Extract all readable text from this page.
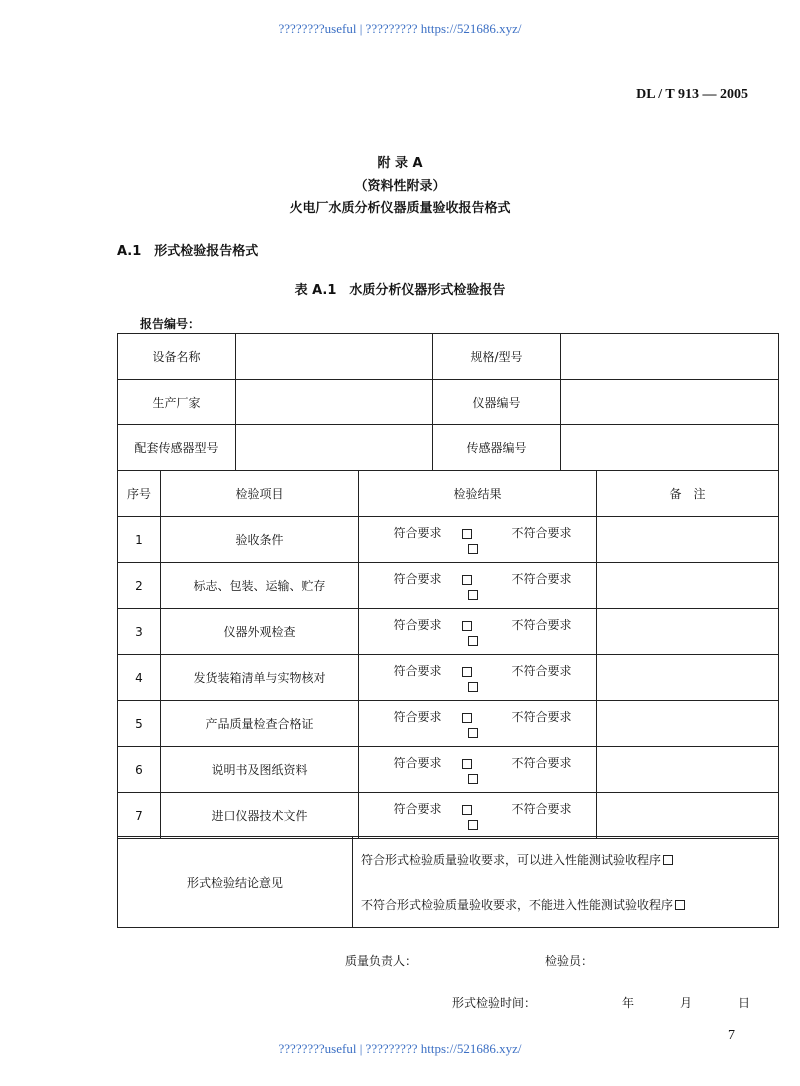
????????useful | ????????? https://521686.xyz/
DL / T 913 — 2005
附 录 A
（资料性附录）
火电厂水质分析仪器质量验收报告格式
A.1　形式检验报告格式
表 A.1　水质分析仪器形式检验报告
报告编号：
设备名称		规格/型号	
生产厂家		仪器编号	
配套传感器型号		传感器编号	
序号	检验项目	检验结果	备　注
1	验收条件	符合要求 不符合要求	
2	标志、包装、运输、贮存	符合要求 不符合要求	
3	仪器外观检查	符合要求 不符合要求	
4	发货装箱清单与实物核对	符合要求 不符合要求	
5	产品质量检查合格证	符合要求 不符合要求	
6	说明书及图纸资料	符合要求 不符合要求	
7	进口仪器技术文件	符合要求 不符合要求	
形式检验结论意见	符合形式检验质量验收要求，可以进入性能测试验收程序
不符合形式检验质量验收要求，不能进入性能测试验收程序
质量负责人：	检验员：
形式检验时间：	年	月	日
7
????????useful | ????????? https://521686.xyz/
